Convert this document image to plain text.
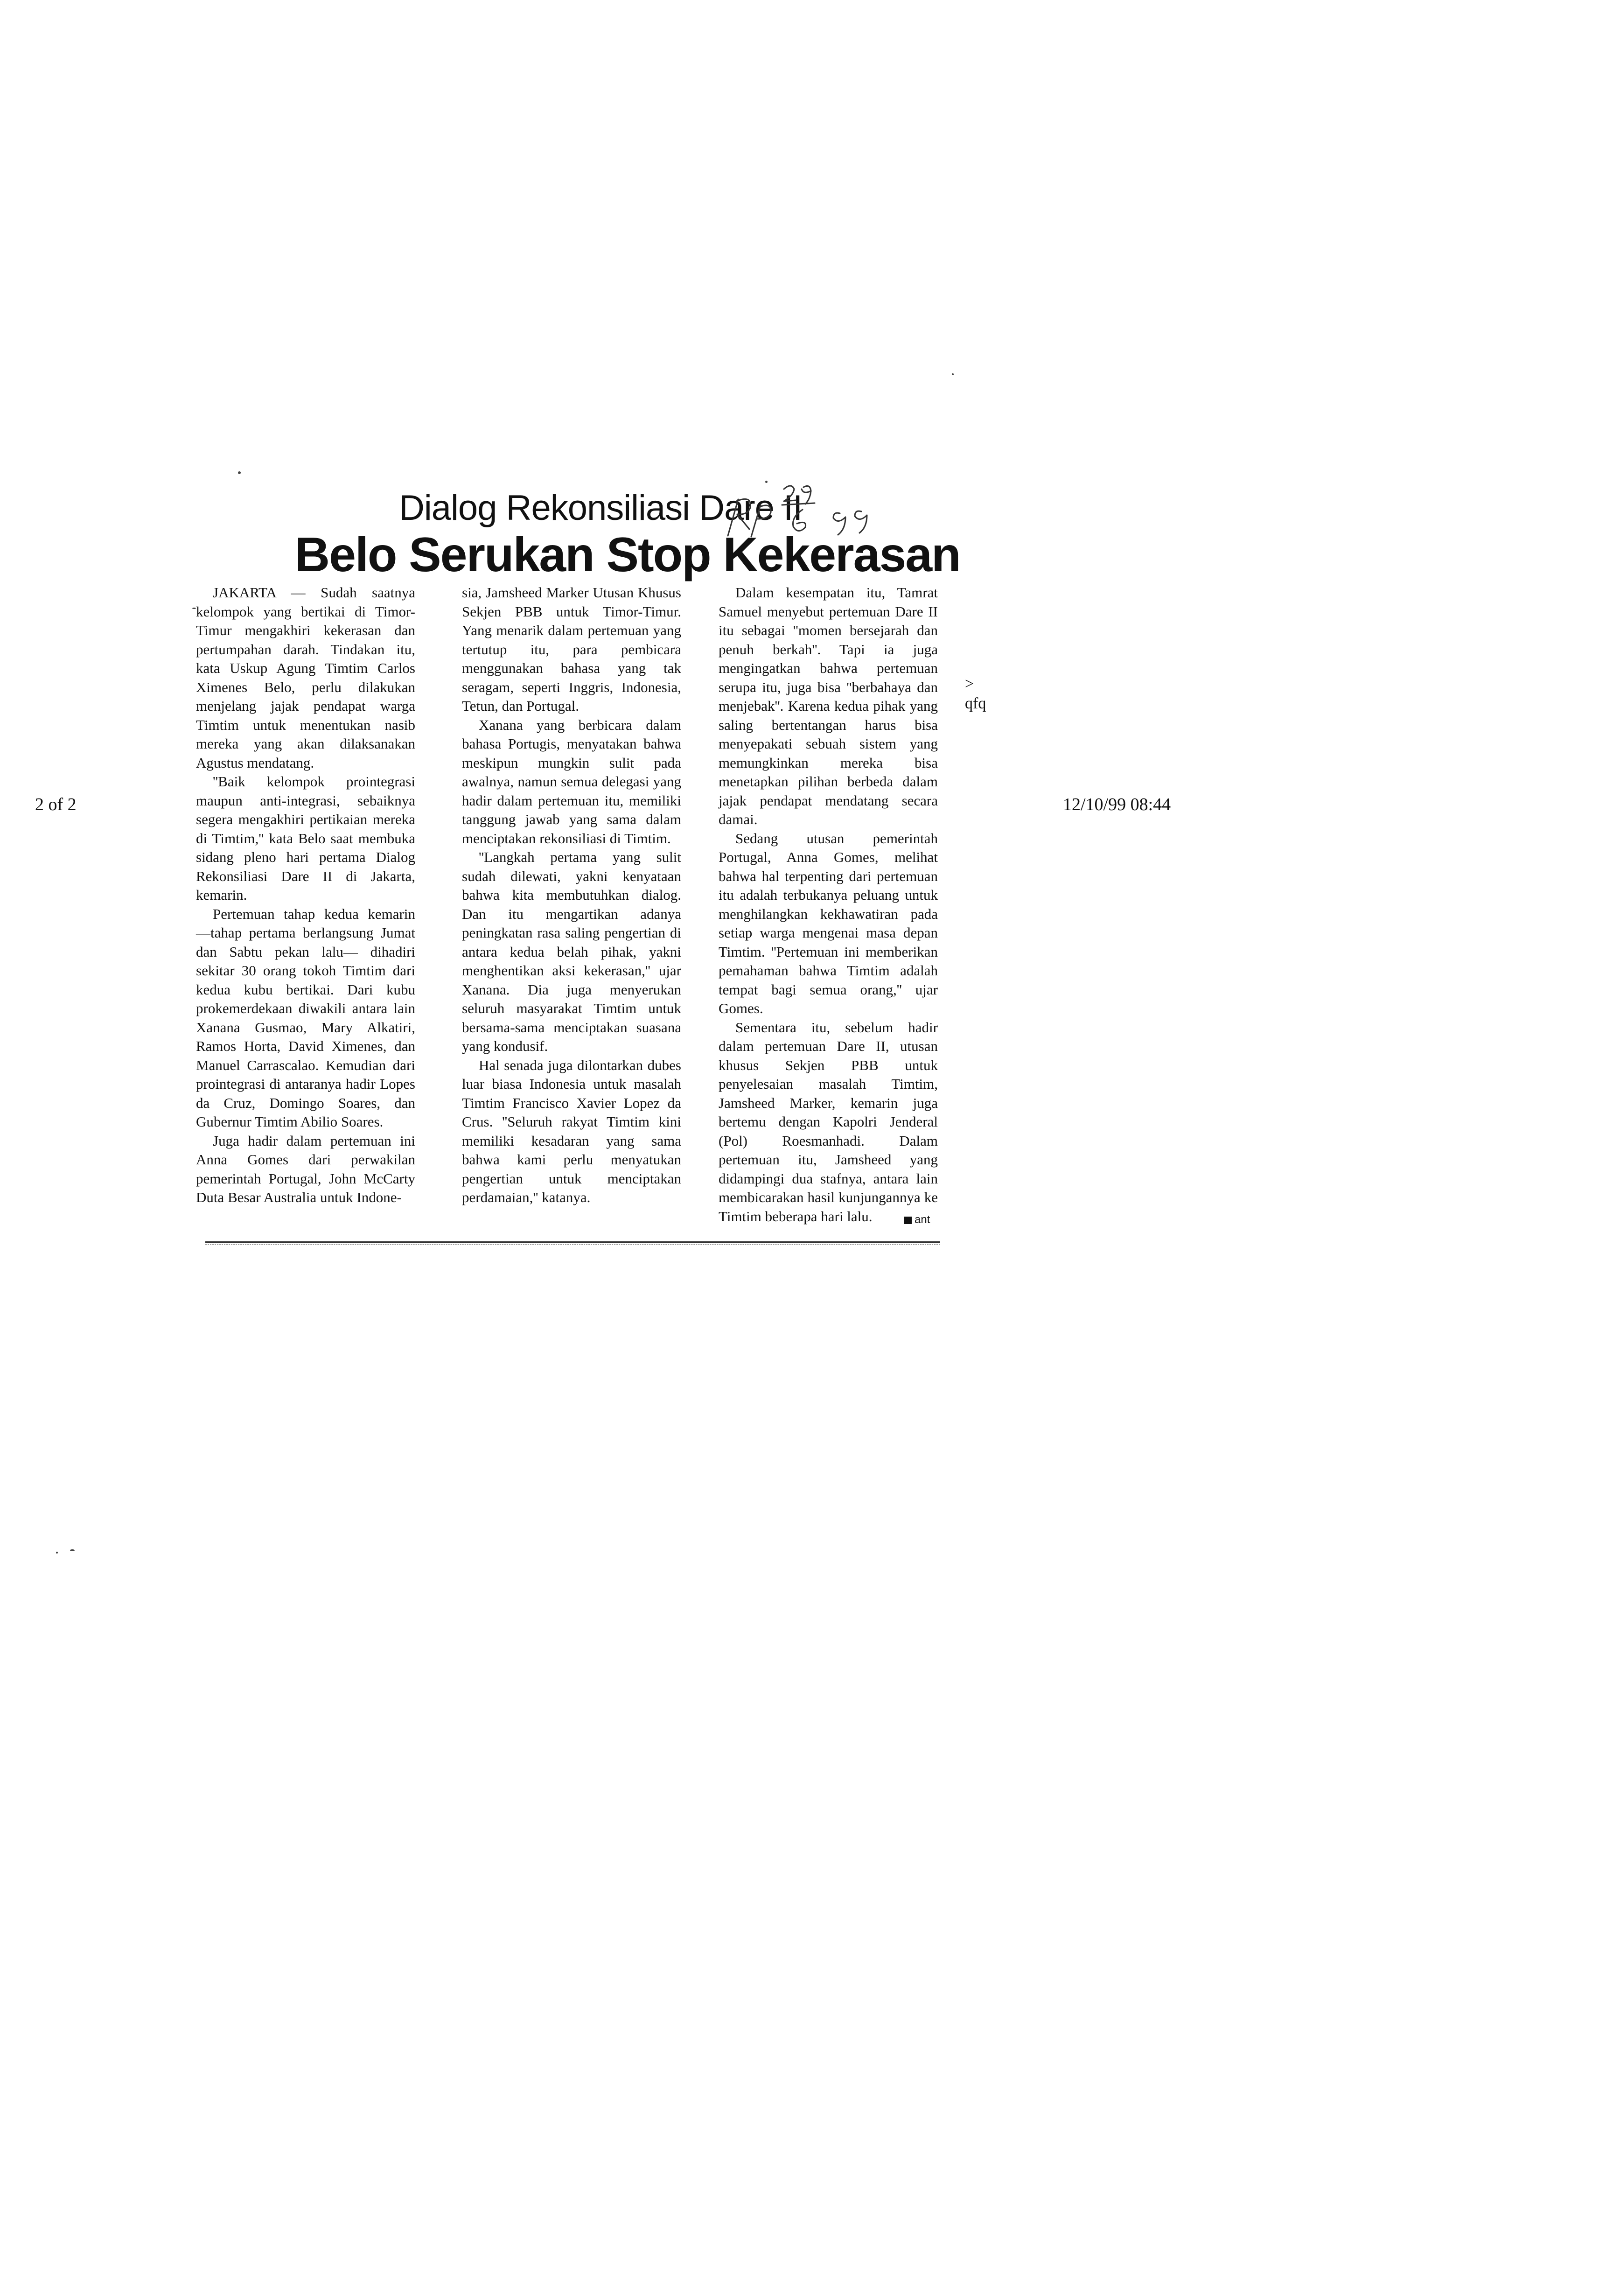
2 of 2	12/10/99 08:44
Dialog Rekonsiliasi Dare II
Belo Serukan Stop Kekerasan

JAKARTA — Sudah saatnya kelompok yang bertikai di Timor-Timur mengakhiri kekerasan dan pertumpahan darah. Tindakan itu, kata Uskup Agung Timtim Carlos Ximenes Belo, perlu dilakukan menjelang jajak pendapat warga Timtim untuk menentukan nasib mereka yang akan dilaksanakan Agustus mendatang.

''Baik kelompok prointegrasi maupun anti-integrasi, sebaiknya segera mengakhiri pertikaian mereka di Timtim,'' kata Belo saat membuka sidang pleno hari pertama Dialog Rekonsiliasi Dare II di Jakarta, kemarin.

Pertemuan tahap kedua kemarin —tahap pertama berlangsung Jumat dan Sabtu pekan lalu— dihadiri sekitar 30 orang tokoh Timtim dari kedua kubu bertikai. Dari kubu prokemerdekaan diwakili antara lain Xanana Gusmao, Mary Alkatiri, Ramos Horta, David Ximenes, dan Manuel Carrascalao. Kemudian dari prointegrasi di antaranya hadir Lopes da Cruz, Domingo Soares, dan Gubernur Timtim Abilio Soares.

Juga hadir dalam pertemuan ini Anna Gomes dari perwakilan pemerintah Portugal, John McCarty Duta Besar Australia untuk Indone-

sia, Jamsheed Marker Utusan Khusus Sekjen PBB untuk Timor-Timur. Yang menarik dalam pertemuan yang tertutup itu, para pembicara menggunakan bahasa yang tak seragam, seperti Inggris, Indonesia, Tetun, dan Portugal.

Xanana yang berbicara dalam bahasa Portugis, menyatakan bahwa meskipun mungkin sulit pada awalnya, namun semua delegasi yang hadir dalam pertemuan itu, memiliki tanggung jawab yang sama dalam menciptakan rekonsiliasi di Timtim.

''Langkah pertama yang sulit sudah dilewati, yakni kenyataan bahwa kita membutuhkan dialog. Dan itu mengartikan adanya peningkatan rasa saling pengertian di antara kedua belah pihak, yakni menghentikan aksi kekerasan,'' ujar Xanana. Dia juga menyerukan seluruh masyarakat Timtim untuk bersama-sama menciptakan suasana yang kondusif.

Hal senada juga dilontarkan dubes luar biasa Indonesia untuk masalah Timtim Francisco Xavier Lopez da Crus. ''Seluruh rakyat Timtim kini memiliki kesadaran yang sama bahwa kami perlu menyatukan pengertian untuk menciptakan perdamaian,'' katanya.

Dalam kesempatan itu, Tamrat Samuel menyebut pertemuan Dare II itu sebagai ''momen bersejarah dan penuh berkah''. Tapi ia juga mengingatkan bahwa pertemuan serupa itu, juga bisa ''berbahaya dan menjebak''. Karena kedua pihak yang saling bertentangan harus bisa menyepakati sebuah sistem yang memungkinkan mereka bisa menetapkan pilihan berbeda dalam jajak pendapat mendatang secara damai.

Sedang utusan pemerintah Portugal, Anna Gomes, melihat bahwa hal terpenting dari pertemuan itu adalah terbukanya peluang untuk menghilangkan kekhawatiran pada setiap warga mengenai masa depan Timtim. ''Pertemuan ini memberikan pemahaman bahwa Timtim adalah tempat bagi semua orang,'' ujar Gomes.

Sementara itu, sebelum hadir dalam pertemuan Dare II, utusan khusus Sekjen PBB untuk penyelesaian masalah Timtim, Jamsheed Marker, kemarin juga bertemu dengan Kapolri Jenderal (Pol) Roesmanhadi. Dalam pertemuan itu, Jamsheed yang didampingi dua stafnya, antara lain membicarakan hasil kunjungannya ke Timtim beberapa hari lalu.	ant
> qfq
